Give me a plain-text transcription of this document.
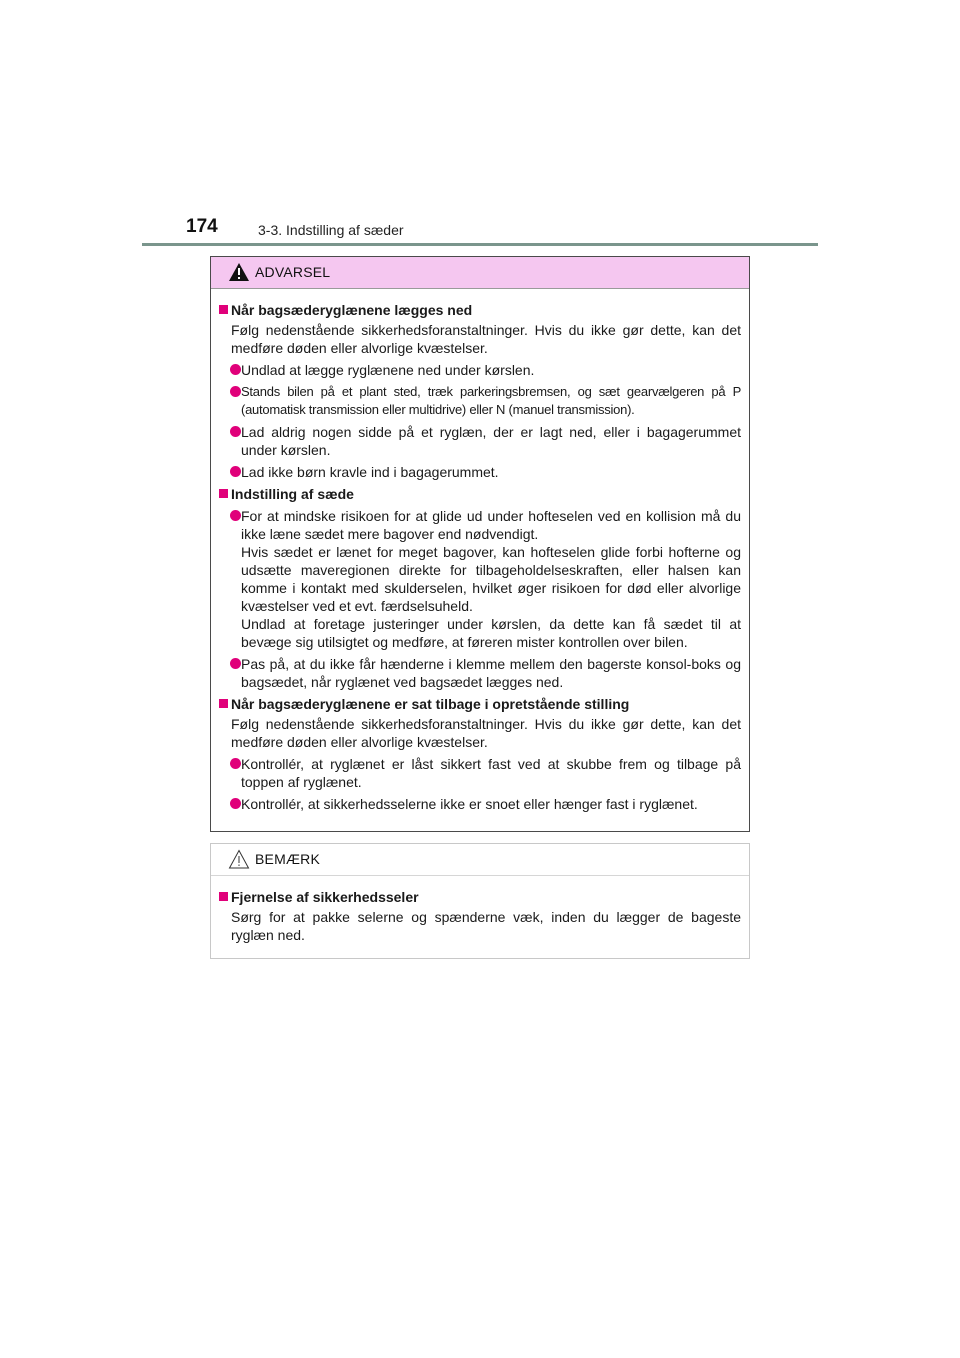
174	3-3. Indstilling af sæder
ADVARSEL
Når bagsæderyglænene lægges ned
Følg nedenstående sikkerhedsforanstaltninger. Hvis du ikke gør dette, kan det medføre døden eller alvorlige kvæstelser.
Undlad at lægge ryglænene ned under kørslen.
Stands bilen på et plant sted, træk parkeringsbremsen, og sæt gearvælgeren på P (automatisk transmission eller multidrive) eller N (manuel transmission).
Lad aldrig nogen sidde på et ryglæn, der er lagt ned, eller i bagagerummet under kørslen.
Lad ikke børn kravle ind i bagagerummet.
Indstilling af sæde
For at mindske risikoen for at glide ud under hofteselen ved en kollision må du ikke læne sædet mere bagover end nødvendigt.
Hvis sædet er lænet for meget bagover, kan hofteselen glide forbi hofterne og udsætte maveregionen direkte for tilbageholdelseskraften, eller halsen kan komme i kontakt med skulderselen, hvilket øger risikoen for død eller alvorlige kvæstelser ved et evt. færdselsuheld.
Undlad at foretage justeringer under kørslen, da dette kan få sædet til at bevæge sig utilsigtet og medføre, at føreren mister kontrollen over bilen.
Pas på, at du ikke får hænderne i klemme mellem den bagerste konsol-boks og bagsædet, når ryglænet ved bagsædet lægges ned.
Når bagsæderyglænene er sat tilbage i opretstående stilling
Følg nedenstående sikkerhedsforanstaltninger. Hvis du ikke gør dette, kan det medføre døden eller alvorlige kvæstelser.
Kontrollér, at ryglænet er låst sikkert fast ved at skubbe frem og tilbage på toppen af ryglænet.
Kontrollér, at sikkerhedsselerne ikke er snoet eller hænger fast i ryglænet.
BEMÆRK
Fjernelse af sikkerhedsseler
Sørg for at pakke selerne og spænderne væk, inden du lægger de bageste ryglæn ned.
